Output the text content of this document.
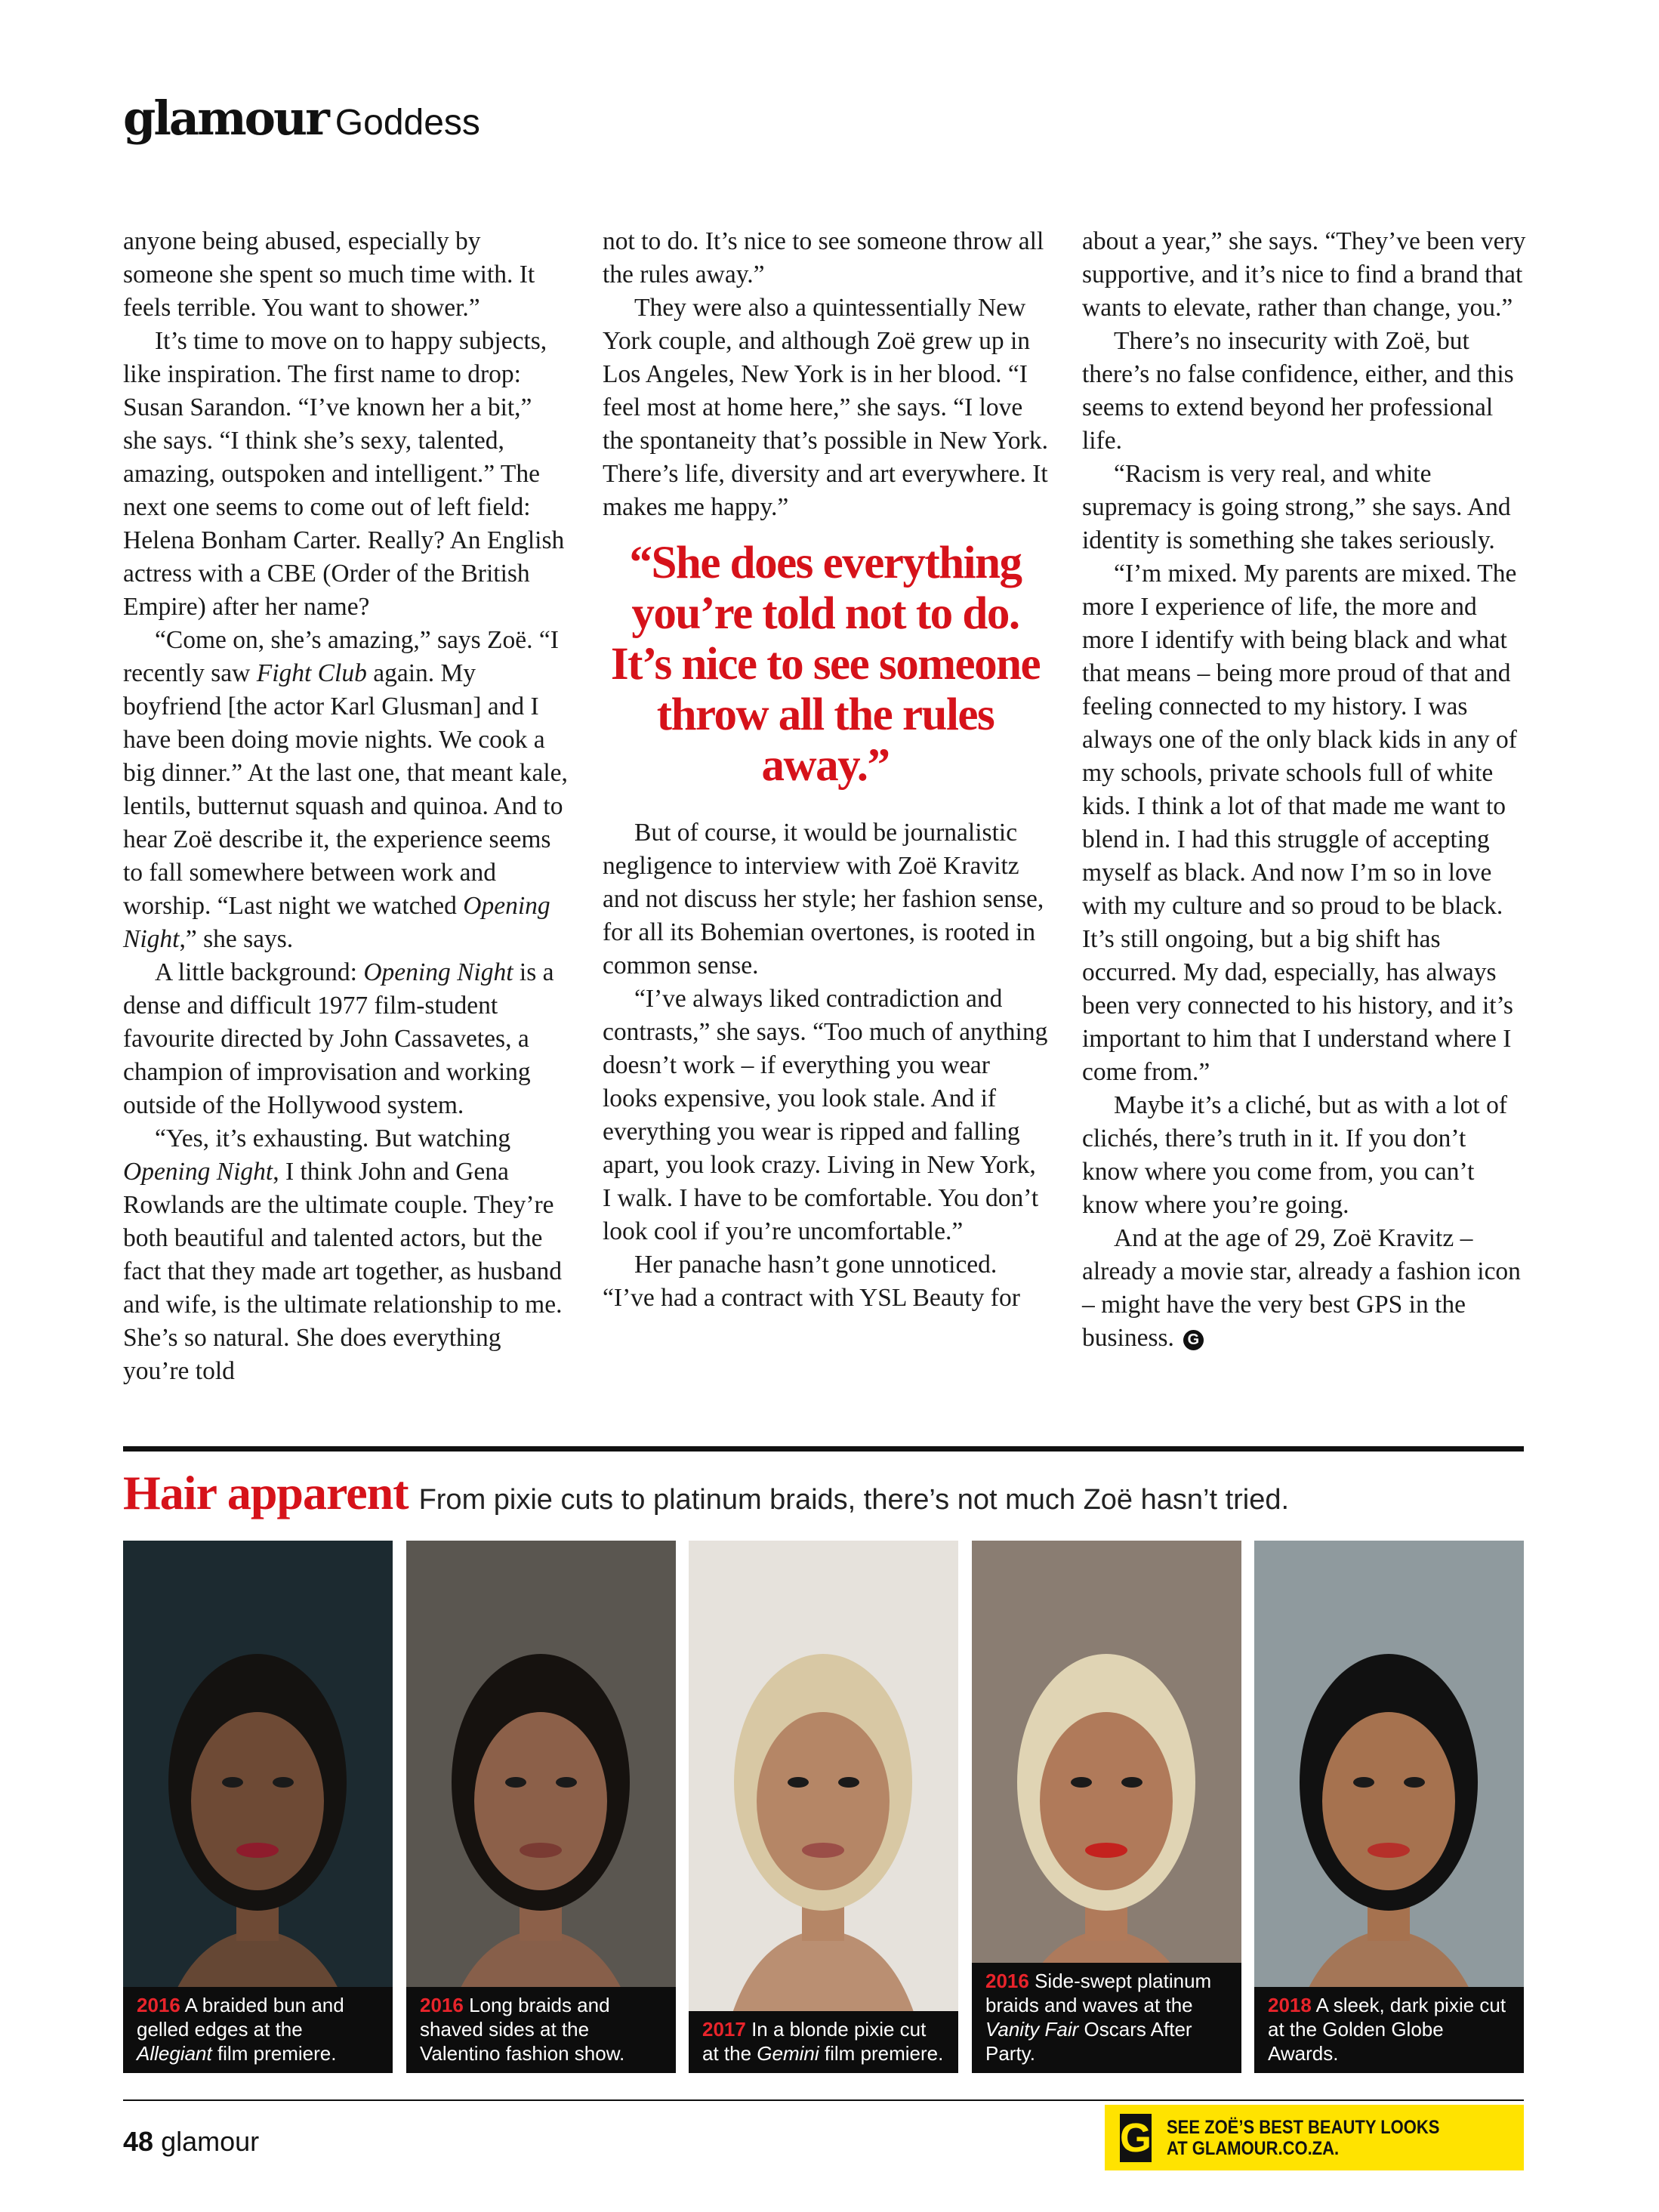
glamour Goddess

anyone being abused, especially by someone she spent so much time with. It feels terrible. You want to shower.”

It’s time to move on to happy subjects, like inspiration. The first name to drop: Susan Sarandon. “I’ve known her a bit,” she says. “I think she’s sexy, talented, amazing, outspoken and intelligent.” The next one seems to come out of left field: Helena Bonham Carter. Really? An English actress with a CBE (Order of the British Empire) after her name?

“Come on, she’s amazing,” says Zoë. “I recently saw Fight Club again. My boyfriend [the actor Karl Glusman] and I have been doing movie nights. We cook a big dinner.” At the last one, that meant kale, lentils, butternut squash and quinoa. And to hear Zoë describe it, the experience seems to fall somewhere between work and worship. “Last night we watched Opening Night,” she says.

A little background: Opening Night is a dense and difficult 1977 film-student favourite directed by John Cassavetes, a champion of improvisation and working outside of the Hollywood system.

“Yes, it’s exhausting. But watching Opening Night, I think John and Gena Rowlands are the ultimate couple. They’re both beautiful and talented actors, but the fact that they made art together, as husband and wife, is the ultimate relationship to me. She’s so natural. She does everything you’re told

not to do. It’s nice to see someone throw all the rules away.”

They were also a quintessentially New York couple, and although Zoë grew up in Los Angeles, New York is in her blood. “I feel most at home here,” she says. “I love the spontaneity that’s possible in New York. There’s life, diversity and art everywhere. It makes me happy.”

“She does everything you’re told not to do. It’s nice to see someone throw all the rules away.”

But of course, it would be journalistic negligence to interview with Zoë Kravitz and not discuss her style; her fashion sense, for all its Bohemian overtones, is rooted in common sense.

“I’ve always liked contradiction and contrasts,” she says. “Too much of anything doesn’t work – if everything you wear looks expensive, you look stale. And if everything you wear is ripped and falling apart, you look crazy. Living in New York, I walk. I have to be comfortable. You don’t look cool if you’re uncomfortable.”

Her panache hasn’t gone unnoticed. “I’ve had a contract with YSL Beauty for

about a year,” she says. “They’ve been very supportive, and it’s nice to find a brand that wants to elevate, rather than change, you.”

There’s no insecurity with Zoë, but there’s no false confidence, either, and this seems to extend beyond her professional life.

“Racism is very real, and white supremacy is going strong,” she says. And identity is something she takes seriously.

“I’m mixed. My parents are mixed. The more I experience of life, the more and more I identify with being black and what that means – being more proud of that and feeling connected to my history. I was always one of the only black kids in any of my schools, private schools full of white kids. I think a lot of that made me want to blend in. I had this struggle of accepting myself as black. And now I’m so in love with my culture and so proud to be black. It’s still ongoing, but a big shift has occurred. My dad, especially, has always been very connected to his history, and it’s important to him that I understand where I come from.”

Maybe it’s a cliché, but as with a lot of clichés, there’s truth in it. If you don’t know where you come from, you can’t know where you’re going.

And at the age of 29, Zoë Kravitz – already a movie star, already a fashion icon – might have the very best GPS in the business. G

Hair apparent From pixie cuts to platinum braids, there’s not much Zoë hasn’t tried.
2016 A braided bun and gelled edges at the Allegiant film premiere.
2016 Long braids and shaved sides at the Valentino fashion show.
2017 In a blonde pixie cut at the Gemini film premiere.
2016 Side-swept platinum braids and waves at the Vanity Fair Oscars After Party.
2018 A sleek, dark pixie cut at the Golden Globe Awards.
48 glamour	G SEE ZOË’S BEST BEAUTY LOOKS
AT GLAMOUR.CO.ZA.
